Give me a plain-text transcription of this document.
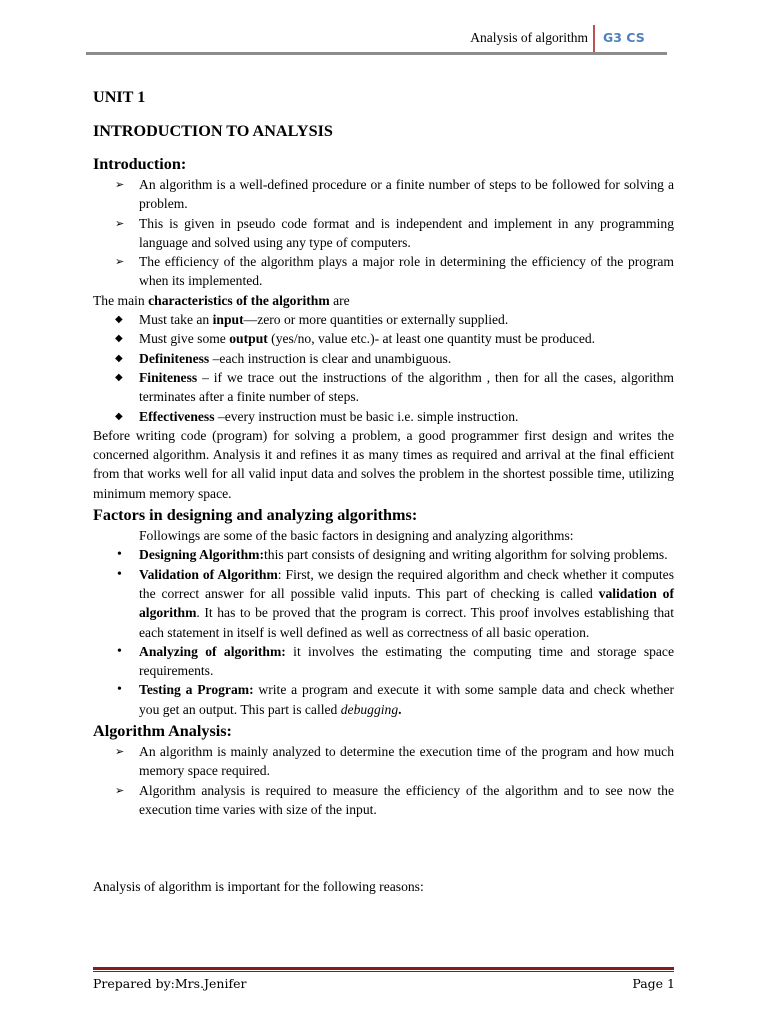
Analysis of algorithm G3 CS
UNIT 1
INTRODUCTION TO ANALYSIS
Introduction:
➢ An algorithm is a well-defined procedure or a finite number of steps to be followed for solving a problem.
➢ This is given in pseudo code format and is independent and implement in any programming language and solved using any type of computers.
➢ The efficiency of the algorithm plays a major role in determining the efficiency of the program when its implemented.

The main characteristics of the algorithm are

◆ Must take an input—zero or more quantities or externally supplied.
◆ Must give some output (yes/no, value etc.)- at least one quantity must be produced.
◆ Definiteness –each instruction is clear and unambiguous.
◆ Finiteness – if we trace out the instructions of the algorithm , then for all the cases, algorithm terminates after a finite number of steps.
◆ Effectiveness –every instruction must be basic i.e. simple instruction.

Before writing code (program) for solving a problem, a good programmer first design and writes the concerned algorithm. Analysis it and refines it as many times as required and arrival at the final efficient from that works well for all valid input data and solves the problem in the shortest possible time, utilizing minimum memory space.

Factors in designing and analyzing algorithms:
Followings are some of the basic factors in designing and analyzing algorithms:
• Designing Algorithm:this part consists of designing and writing algorithm for solving problems.
• Validation of Algorithm: First, we design the required algorithm and check whether it computes the correct answer for all possible valid inputs. This part of checking is called validation of algorithm. It has to be proved that the program is correct. This proof involves establishing that each statement in itself is well defined as well as correctness of all basic operation.
• Analyzing of algorithm: it involves the estimating the computing time and storage space requirements.
• Testing a Program: write a program and execute it with some sample data and check whether you get an output. This part is called debugging.
Algorithm Analysis:
➢ An algorithm is mainly analyzed to determine the execution time of the program and how much memory space required.
➢ Algorithm analysis is required to measure the efficiency of the algorithm and to see now the execution time varies with size of the input.

Analysis of algorithm is important for the following reasons:

Prepared by:Mrs.Jenifer	Page 1
